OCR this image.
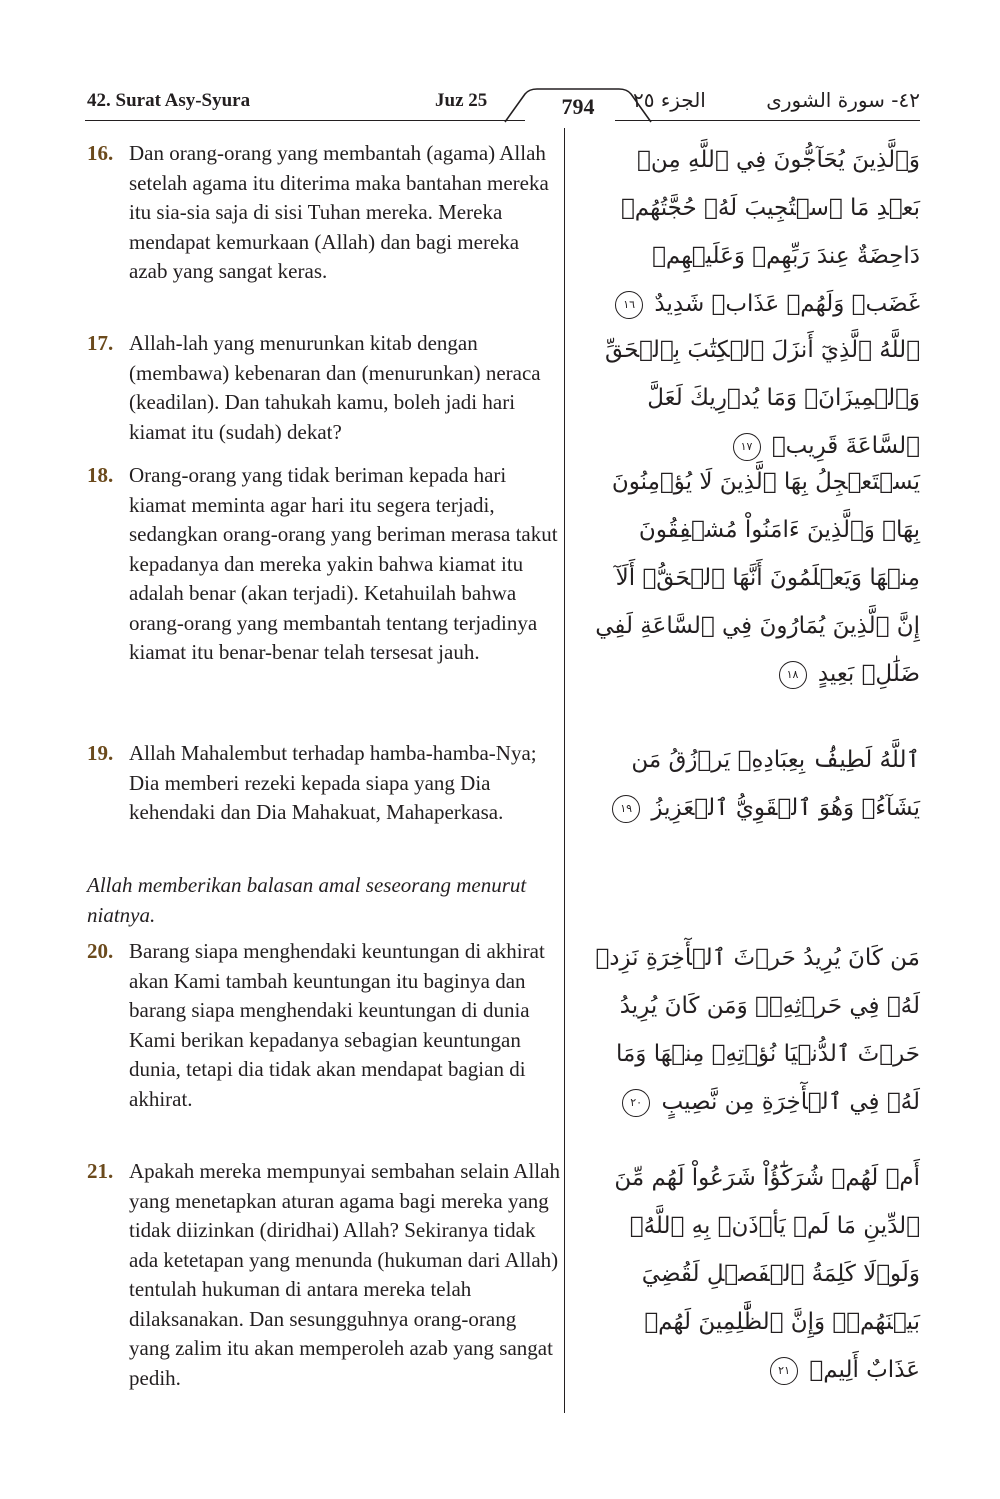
42. Surat Asy-Syura	Juz 25	794	الجزء ٢٥	٤٢- سورة الشورى
16. Dan orang-orang yang membantah (agama) Allah setelah agama itu diterima maka bantahan mereka itu sia-sia saja di sisi Tuhan mereka. Mereka mendapat kemurkaan (Allah) dan bagi mereka azab yang sangat keras.
وَٱلَّذِينَ يُحَآجُّونَ فِي ٱللَّهِ مِنۢ بَعۡدِ مَا ٱسۡتُجِيبَ لَهُۥ حُجَّتُهُمۡ دَاحِضَةٌ عِندَ رَبِّهِمۡ وَعَلَيۡهِمۡ غَضَبٞ وَلَهُمۡ عَذَابٞ شَدِيدٌ ١٦
17. Allah-lah yang menurunkan kitab dengan (membawa) kebenaran dan (menurunkan) neraca (keadilan). Dan tahukah kamu, boleh jadi hari kiamat itu (sudah) dekat?
ٱللَّهُ ٱلَّذِيٓ أَنزَلَ ٱلۡكِتَٰبَ بِٱلۡحَقِّ وَٱلۡمِيزَانَۗ وَمَا يُدۡرِيكَ لَعَلَّ ٱلسَّاعَةَ قَرِيبٞ ١٧
18. Orang-orang yang tidak beriman kepada hari kiamat meminta agar hari itu segera terjadi, sedangkan orang-orang yang beriman merasa takut kepadanya dan mereka yakin bahwa kiamat itu adalah benar (akan terjadi). Ketahuilah bahwa orang-orang yang membantah tentang terjadinya kiamat itu benar-benar telah tersesat jauh.
يَسۡتَعۡجِلُ بِهَا ٱلَّذِينَ لَا يُؤۡمِنُونَ بِهَاۖ وَٱلَّذِينَ ءَامَنُواْ مُشۡفِقُونَ مِنۡهَا وَيَعۡلَمُونَ أَنَّهَا ٱلۡحَقُّۗ أَلَآ إِنَّ ٱلَّذِينَ يُمَارُونَ فِي ٱلسَّاعَةِ لَفِي ضَلَٰلِۢ بَعِيدٍ ١٨
19. Allah Mahalembut terhadap hamba-hamba-Nya; Dia memberi rezeki kepada siapa yang Dia kehendaki dan Dia Mahakuat, Mahaperkasa.
ٱللَّهُ لَطِيفُۢ بِعِبَادِهِۦ يَرۡزُقُ مَن يَشَآءُۖ وَهُوَ ٱلۡقَوِيُّ ٱلۡعَزِيزُ ١٩
Allah memberikan balasan amal seseorang menurut niatnya.
20. Barang siapa menghendaki keuntungan di akhirat akan Kami tambah keuntungan itu baginya dan barang siapa menghendaki keuntungan di dunia Kami berikan kepadanya sebagian keuntungan dunia, tetapi dia tidak akan mendapat bagian di akhirat.
مَن كَانَ يُرِيدُ حَرۡثَ ٱلۡأٓخِرَةِ نَزِدۡ لَهُۥ فِي حَرۡثِهِۦۖ وَمَن كَانَ يُرِيدُ حَرۡثَ ٱلدُّنۡيَا نُؤۡتِهِۦ مِنۡهَا وَمَا لَهُۥ فِي ٱلۡأٓخِرَةِ مِن نَّصِيبٍ ٢٠
21. Apakah mereka mempunyai sembahan selain Allah yang menetapkan aturan agama bagi mereka yang tidak diizinkan (diridhai) Allah? Sekiranya tidak ada ketetapan yang menunda (hukuman dari Allah) tentulah hukuman di antara mereka telah dilaksanakan. Dan sesungguhnya orang-orang yang zalim itu akan memperoleh azab yang sangat pedih.
أَمۡ لَهُمۡ شُرَكَٰٓؤُاْ شَرَعُواْ لَهُم مِّنَ ٱلدِّينِ مَا لَمۡ يَأۡذَنۢ بِهِ ٱللَّهُۚ وَلَوۡلَا كَلِمَةُ ٱلۡفَصۡلِ لَقُضِيَ بَيۡنَهُمۡۗ وَإِنَّ ٱلظَّٰلِمِينَ لَهُمۡ عَذَابٌ أَلِيمٞ ٢١
